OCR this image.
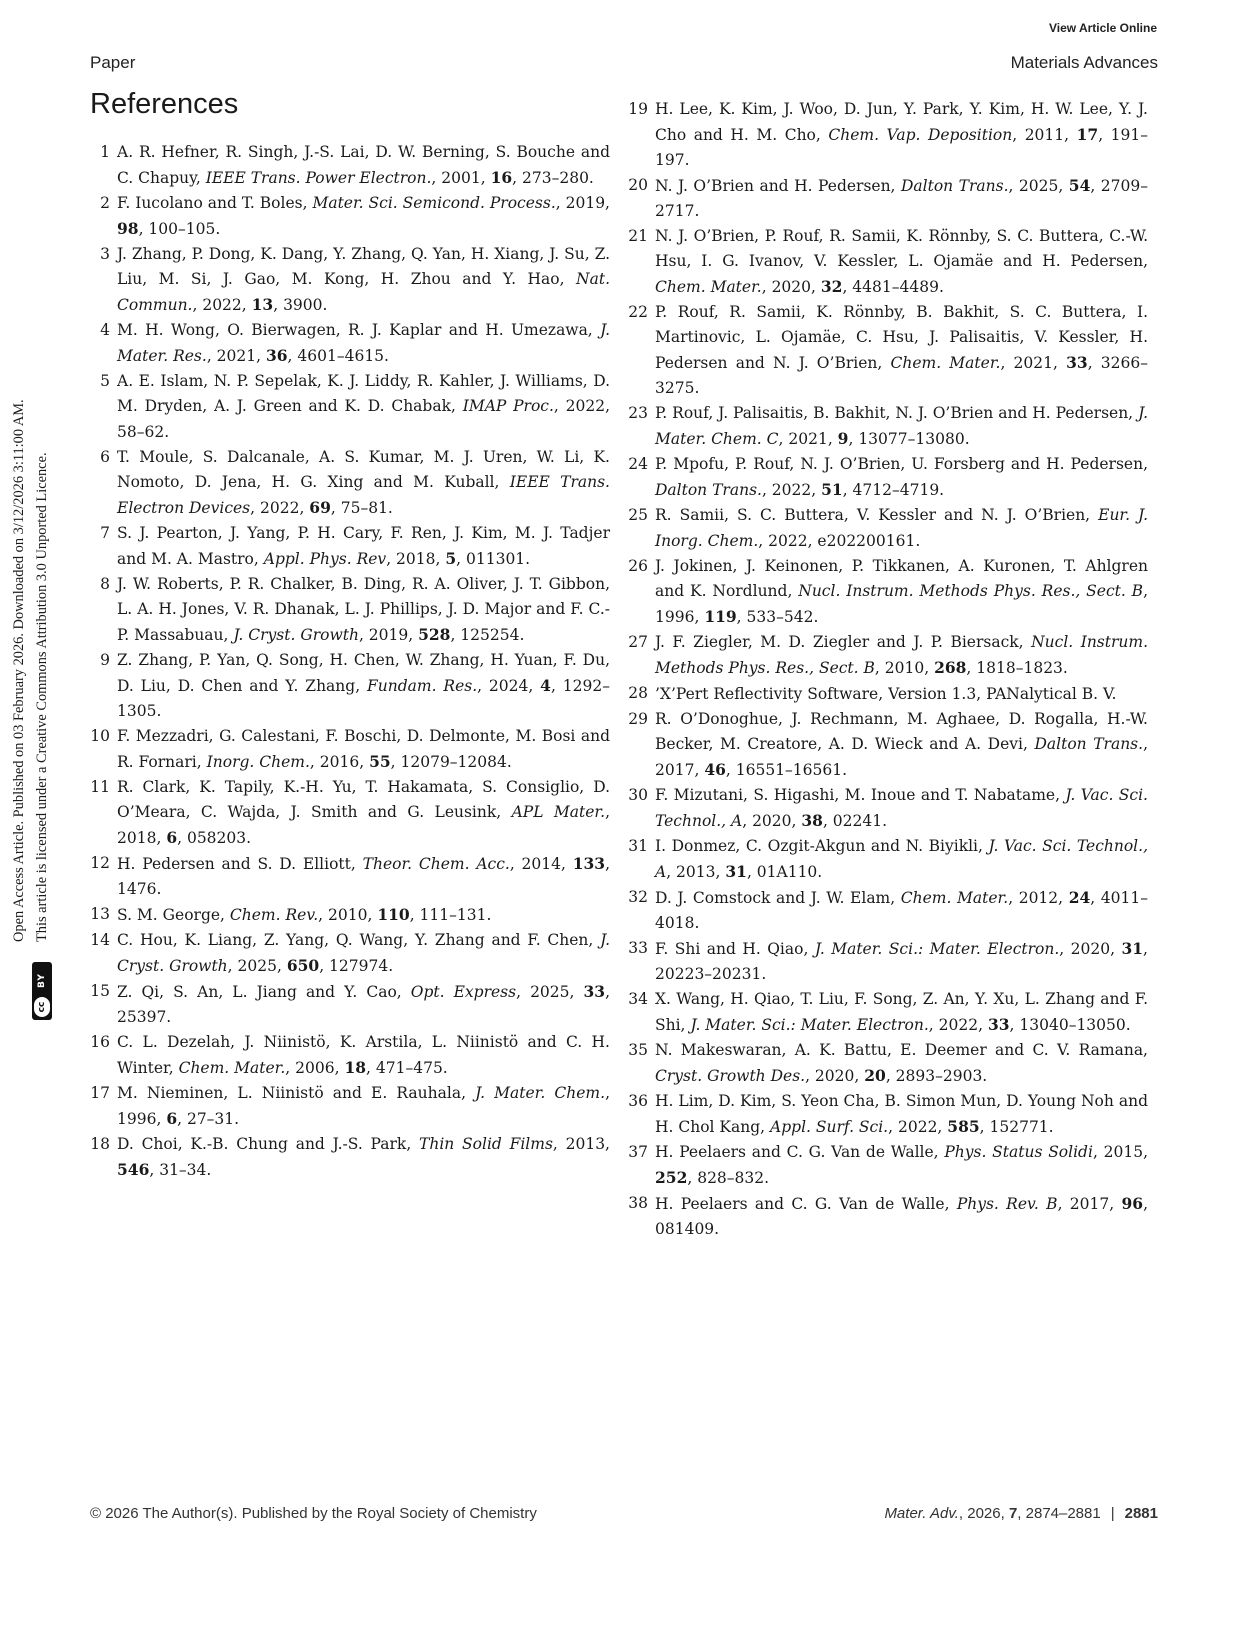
View Article Online
Paper	Materials Advances
cc
BY
Open Access Article. Published on 03 February 2026. Downloaded on 3/12/2026 3:11:00 AM. This article is licensed under a Creative Commons Attribution 3.0 Unported Licence.
References

1 A. R. Hefner, R. Singh, J.-S. Lai, D. W. Berning, S. Bouche and C. Chapuy, IEEE Trans. Power Electron., 2001, 16, 273–280.

2 F. Iucolano and T. Boles, Mater. Sci. Semicond. Process., 2019, 98, 100–105.

3 J. Zhang, P. Dong, K. Dang, Y. Zhang, Q. Yan, H. Xiang, J. Su, Z. Liu, M. Si, J. Gao, M. Kong, H. Zhou and Y. Hao, Nat. Commun., 2022, 13, 3900.

4 M. H. Wong, O. Bierwagen, R. J. Kaplar and H. Umezawa, J. Mater. Res., 2021, 36, 4601–4615.

5 A. E. Islam, N. P. Sepelak, K. J. Liddy, R. Kahler, J. Williams, D. M. Dryden, A. J. Green and K. D. Chabak, IMAP Proc., 2022, 58–62.

6 T. Moule, S. Dalcanale, A. S. Kumar, M. J. Uren, W. Li, K. Nomoto, D. Jena, H. G. Xing and M. Kuball, IEEE Trans. Electron Devices, 2022, 69, 75–81.

7 S. J. Pearton, J. Yang, P. H. Cary, F. Ren, J. Kim, M. J. Tadjer and M. A. Mastro, Appl. Phys. Rev, 2018, 5, 011301.

8 J. W. Roberts, P. R. Chalker, B. Ding, R. A. Oliver, J. T. Gibbon, L. A. H. Jones, V. R. Dhanak, L. J. Phillips, J. D. Major and F. C.-P. Massabuau, J. Cryst. Growth, 2019, 528, 125254.

9 Z. Zhang, P. Yan, Q. Song, H. Chen, W. Zhang, H. Yuan, F. Du, D. Liu, D. Chen and Y. Zhang, Fundam. Res., 2024, 4, 1292–1305.

10 F. Mezzadri, G. Calestani, F. Boschi, D. Delmonte, M. Bosi and R. Fornari, Inorg. Chem., 2016, 55, 12079–12084.

11 R. Clark, K. Tapily, K.-H. Yu, T. Hakamata, S. Consiglio, D. O’Meara, C. Wajda, J. Smith and G. Leusink, APL Mater., 2018, 6, 058203.

12 H. Pedersen and S. D. Elliott, Theor. Chem. Acc., 2014, 133, 1476.

13 S. M. George, Chem. Rev., 2010, 110, 111–131.

14 C. Hou, K. Liang, Z. Yang, Q. Wang, Y. Zhang and F. Chen, J. Cryst. Growth, 2025, 650, 127974.

15 Z. Qi, S. An, L. Jiang and Y. Cao, Opt. Express, 2025, 33, 25397.

16 C. L. Dezelah, J. Niinistö, K. Arstila, L. Niinistö and C. H. Winter, Chem. Mater., 2006, 18, 471–475.

17 M. Nieminen, L. Niinistö and E. Rauhala, J. Mater. Chem., 1996, 6, 27–31.

18 D. Choi, K.-B. Chung and J.-S. Park, Thin Solid Films, 2013, 546, 31–34.

19 H. Lee, K. Kim, J. Woo, D. Jun, Y. Park, Y. Kim, H. W. Lee, Y. J. Cho and H. M. Cho, Chem. Vap. Deposition, 2011, 17, 191–197.

20 N. J. O’Brien and H. Pedersen, Dalton Trans., 2025, 54, 2709–2717.

21 N. J. O’Brien, P. Rouf, R. Samii, K. Rönnby, S. C. Buttera, C.-W. Hsu, I. G. Ivanov, V. Kessler, L. Ojamäe and H. Pedersen, Chem. Mater., 2020, 32, 4481–4489.

22 P. Rouf, R. Samii, K. Rönnby, B. Bakhit, S. C. Buttera, I. Martinovic, L. Ojamäe, C. Hsu, J. Palisaitis, V. Kessler, H. Pedersen and N. J. O’Brien, Chem. Mater., 2021, 33, 3266–3275.

23 P. Rouf, J. Palisaitis, B. Bakhit, N. J. O’Brien and H. Pedersen, J. Mater. Chem. C, 2021, 9, 13077–13080.

24 P. Mpofu, P. Rouf, N. J. O’Brien, U. Forsberg and H. Pedersen, Dalton Trans., 2022, 51, 4712–4719.

25 R. Samii, S. C. Buttera, V. Kessler and N. J. O’Brien, Eur. J. Inorg. Chem., 2022, e202200161.

26 J. Jokinen, J. Keinonen, P. Tikkanen, A. Kuronen, T. Ahlgren and K. Nordlund, Nucl. Instrum. Methods Phys. Res., Sect. B, 1996, 119, 533–542.

27 J. F. Ziegler, M. D. Ziegler and J. P. Biersack, Nucl. Instrum. Methods Phys. Res., Sect. B, 2010, 268, 1818–1823.

28 ’X’Pert Reflectivity Software, Version 1.3, PANalytical B. V.

29 R. O’Donoghue, J. Rechmann, M. Aghaee, D. Rogalla, H.-W. Becker, M. Creatore, A. D. Wieck and A. Devi, Dalton Trans., 2017, 46, 16551–16561.

30 F. Mizutani, S. Higashi, M. Inoue and T. Nabatame, J. Vac. Sci. Technol., A, 2020, 38, 02241.

31 I. Donmez, C. Ozgit-Akgun and N. Biyikli, J. Vac. Sci. Technol., A, 2013, 31, 01A110.

32 D. J. Comstock and J. W. Elam, Chem. Mater., 2012, 24, 4011–4018.

33 F. Shi and H. Qiao, J. Mater. Sci.: Mater. Electron., 2020, 31, 20223–20231.

34 X. Wang, H. Qiao, T. Liu, F. Song, Z. An, Y. Xu, L. Zhang and F. Shi, J. Mater. Sci.: Mater. Electron., 2022, 33, 13040–13050.

35 N. Makeswaran, A. K. Battu, E. Deemer and C. V. Ramana, Cryst. Growth Des., 2020, 20, 2893–2903.

36 H. Lim, D. Kim, S. Yeon Cha, B. Simon Mun, D. Young Noh and H. Chol Kang, Appl. Surf. Sci., 2022, 585, 152771.

37 H. Peelaers and C. G. Van de Walle, Phys. Status Solidi, 2015, 252, 828–832.

38 H. Peelaers and C. G. Van de Walle, Phys. Rev. B, 2017, 96, 081409.

© 2026 The Author(s). Published by the Royal Society of Chemistry	Mater. Adv., 2026, 7, 2874–2881 | 2881
